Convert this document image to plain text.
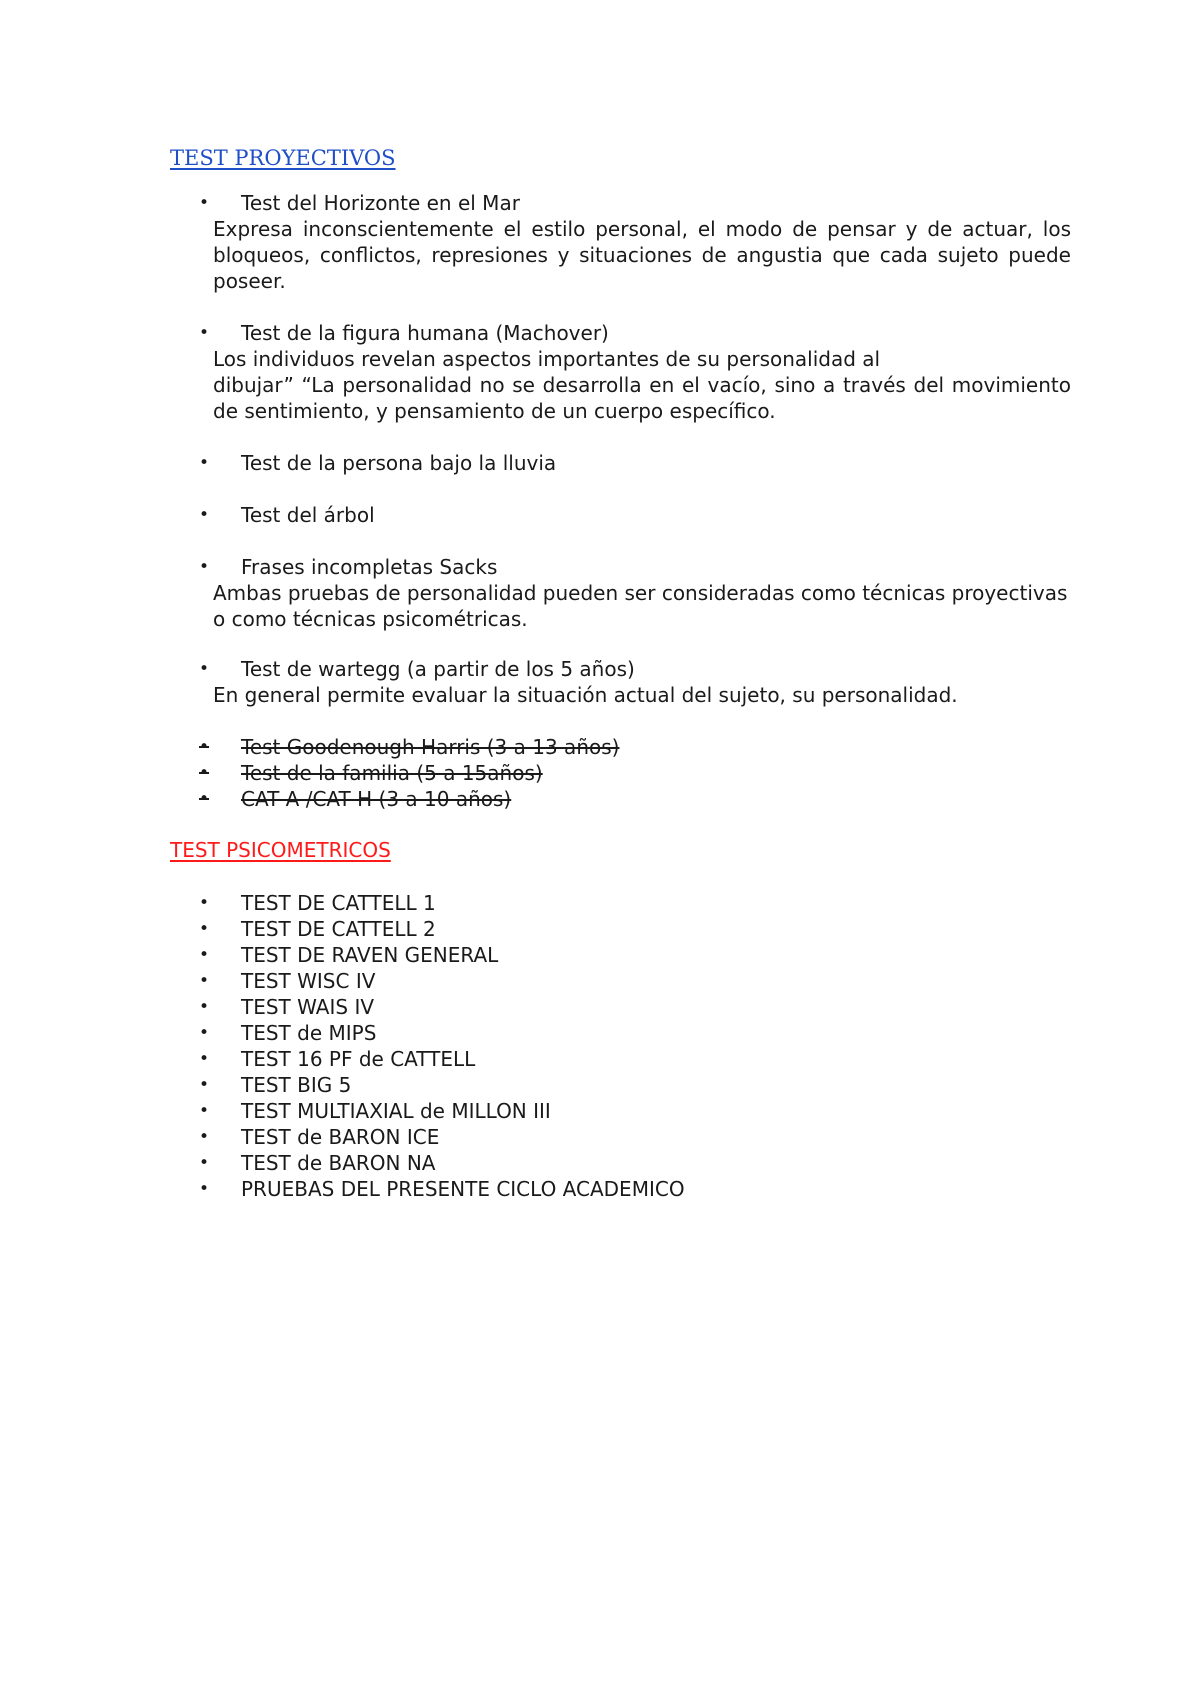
TEST PROYECTIVOS
•	Test del Horizonte en el Mar
Expresa inconscientemente el estilo personal, el modo de pensar y de actuar, los bloqueos, conflictos, represiones y situaciones de angustia que cada sujeto puede poseer.
•	Test de la figura humana (Machover)
Los individuos revelan aspectos importantes de su personalidad al
dibujar” “La personalidad no se desarrolla en el vacío, sino a través del movimiento de sentimiento, y pensamiento de un cuerpo específico.
•	Test de la persona bajo la lluvia
•	Test del árbol
•	Frases incompletas Sacks
Ambas pruebas de personalidad pueden ser consideradas como técnicas proyectivas o como técnicas psicométricas.
•	Test de wartegg (a partir de los 5 años)
En general permite evaluar la situación actual del sujeto, su personalidad.
•	Test Goodenough Harris (3 a 13 años)
•	Test de la familia (5 a 15años)
•	CAT A /CAT H (3 a 10 años)
TEST PSICOMETRICOS
•	TEST DE CATTELL 1
•	TEST DE CATTELL 2
•	TEST DE RAVEN GENERAL
•	TEST WISC IV
•	TEST WAIS IV
•	TEST de MIPS
•	TEST 16 PF de CATTELL
•	TEST BIG 5
•	TEST MULTIAXIAL de MILLON III
•	TEST de BARON ICE
•	TEST de BARON NA
•	PRUEBAS DEL PRESENTE CICLO ACADEMICO
